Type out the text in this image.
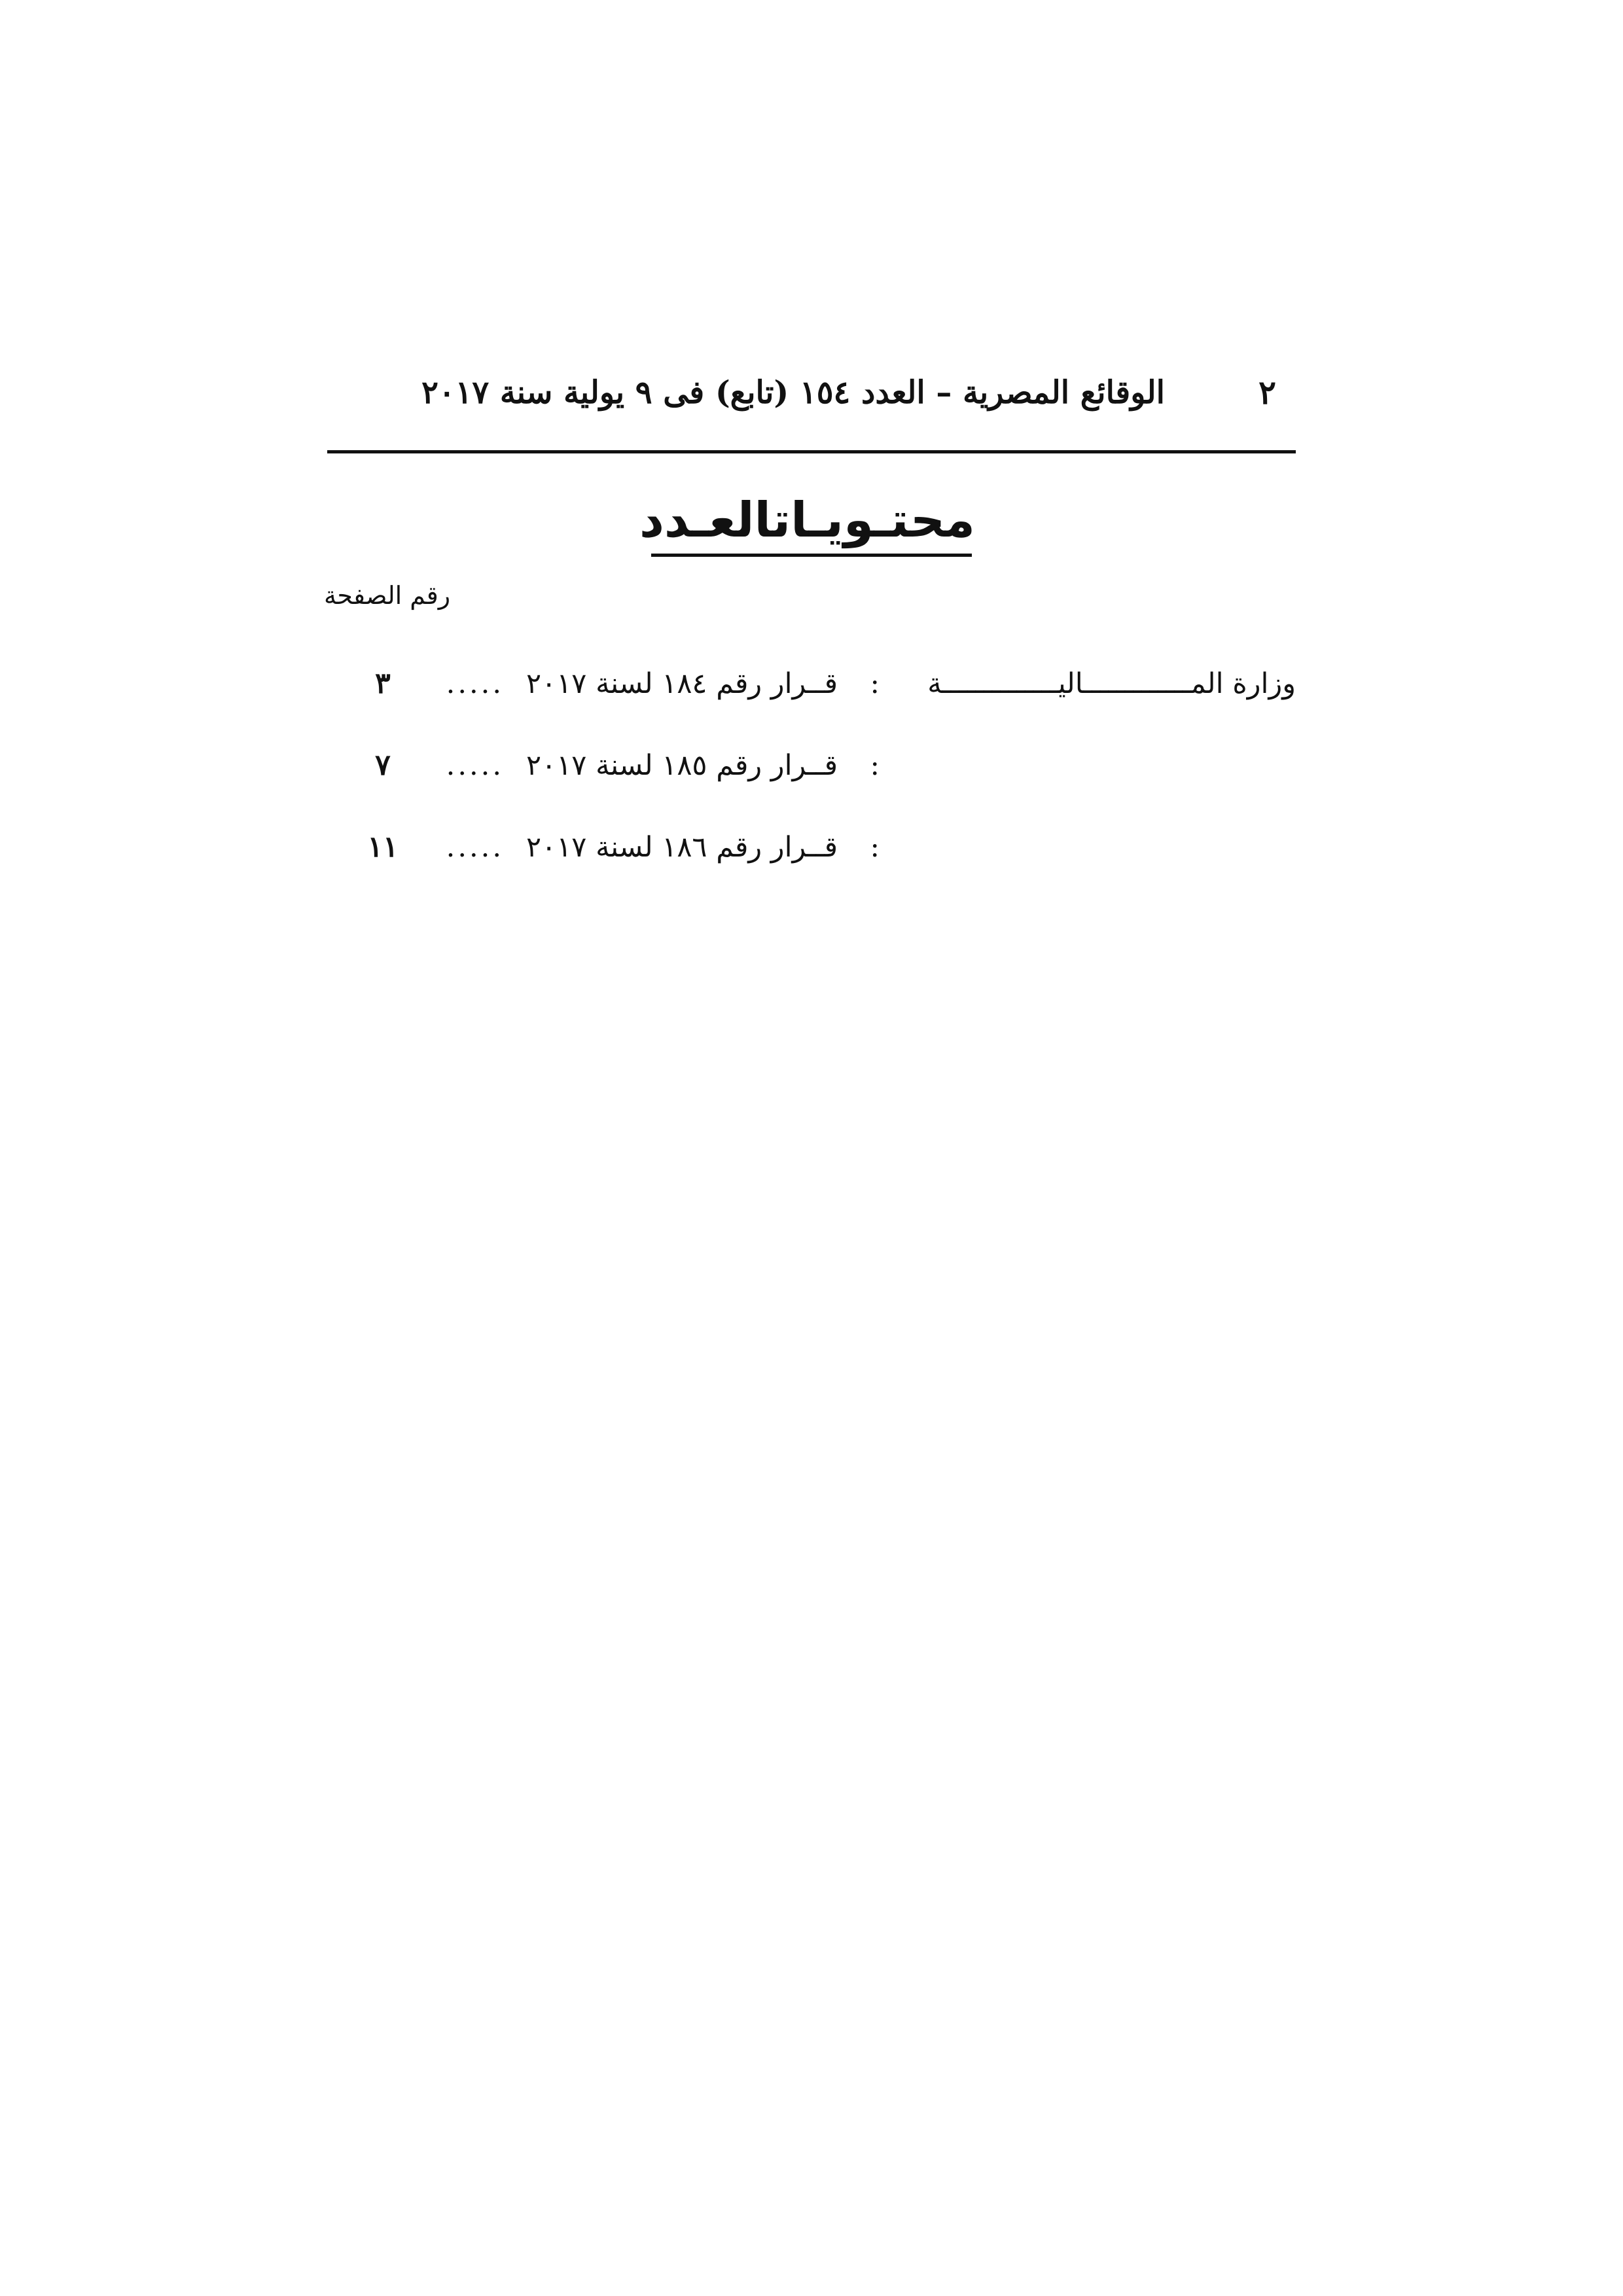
٢
الوقائع المصرية – العدد ١٥٤ (تابع) فى ٩ يولية سنة ٢٠١٧
محتـويـاتالعـدد
رقم الصفحة
وزارة المـــــــــــــاليــــــــــــــة
:
قــرار رقم ١٨٤ لسنة ٢٠١٧
.....
٣
:
قــرار رقم ١٨٥ لسنة ٢٠١٧
.....
٧
:
قــرار رقم ١٨٦ لسنة ٢٠١٧
.....
١١
